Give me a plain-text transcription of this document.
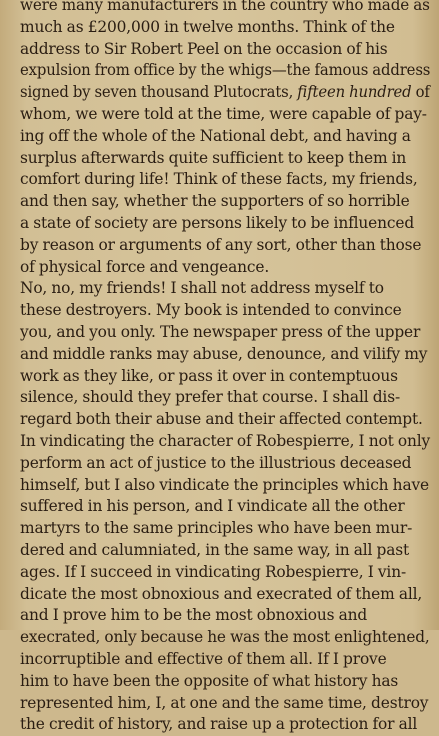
were many manufacturers in the country who made as
much as £200,000 in twelve months. Think of the
address to Sir Robert Peel on the occasion of his
expulsion from office by the whigs—the famous address
signed by seven thousand Plutocrats, fifteen hundred of
whom, we were told at the time, were capable of pay-
ing off the whole of the National debt, and having a
surplus afterwards quite sufficient to keep them in
comfort during life! Think of these facts, my friends,
and then say, whether the supporters of so horrible
a state of society are persons likely to be influenced
by reason or arguments of any sort, other than those
of physical force and vengeance.
No, no, my friends! I shall not address myself to
these destroyers. My book is intended to convince
you, and you only. The newspaper press of the upper
and middle ranks may abuse, denounce, and vilify my
work as they like, or pass it over in contemptuous
silence, should they prefer that course. I shall dis-
regard both their abuse and their affected contempt.
In vindicating the character of Robespierre, I not only
perform an act of justice to the illustrious deceased
himself, but I also vindicate the principles which have
suffered in his person, and I vindicate all the other
martyrs to the same principles who have been mur-
dered and calumniated, in the same way, in all past
ages. If I succeed in vindicating Robespierre, I vin-
dicate the most obnoxious and execrated of them all,
and I prove him to be the most obnoxious and
execrated, only because he was the most enlightened,
incorruptible and effective of them all. If I prove
him to have been the opposite of what history has
represented him, I, at one and the same time, destroy
the credit of history, and raise up a protection for all
